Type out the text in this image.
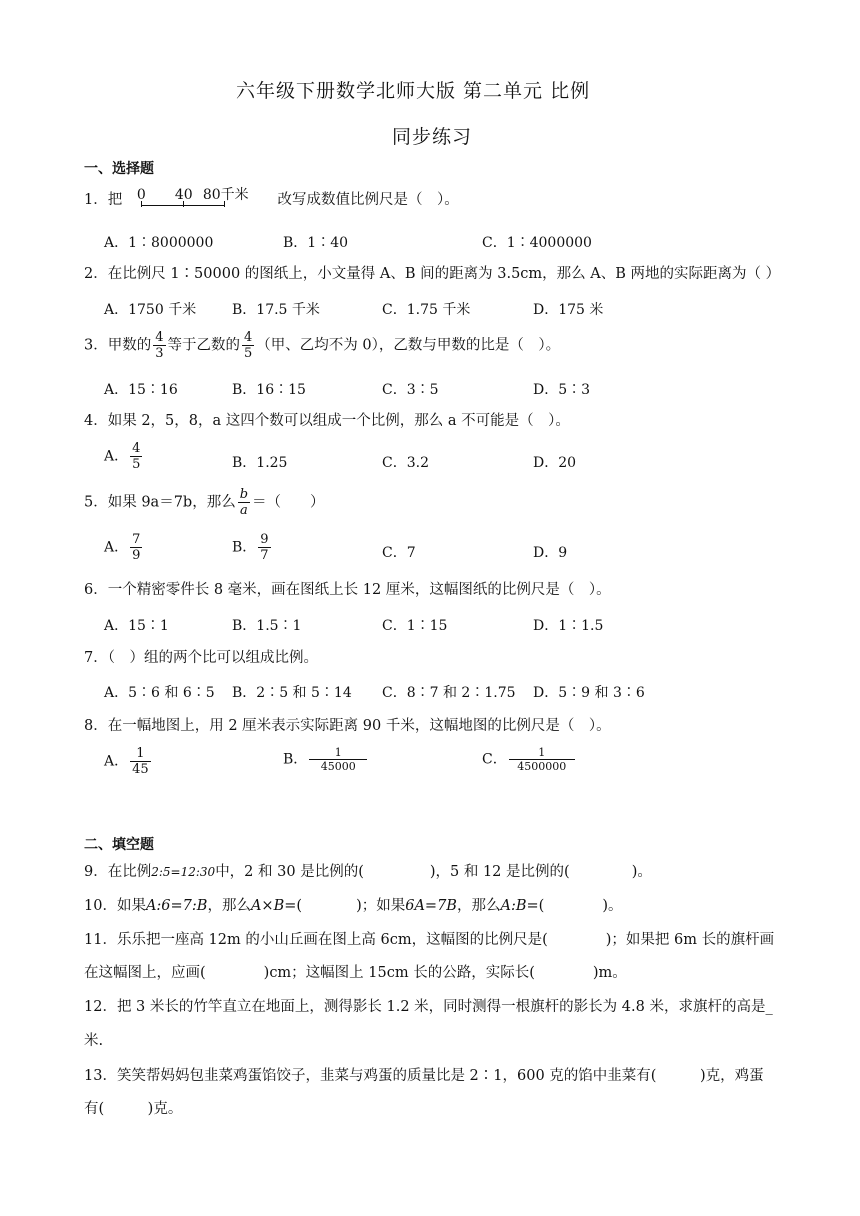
六年级下册数学北师大版 第二单元 比例
同步练习
一、选择题
1．把 0 40 80千米 改写成数值比例尺是（　）。
A．1∶8000000	B．1∶40	C．1∶4000000
2．在比例尺 1∶50000 的图纸上，小文量得 A、B 间的距离为 3.5cm，那么 A、B 两地的实际距离为（ ）
A．1750 千米	B．17.5 千米	C．1.75 千米	D．175 米
3．甲数的 $\frac{4}{3}$ 等于乙数的 $\frac{4}{5}$ （甲、乙均不为 0），乙数与甲数的比是（　）。
A．15∶16	B．16∶15	C．3∶5	D．5∶3
4．如果 2，5，8，a 这四个数可以组成一个比例，那么 a 不可能是（　）。
A． $\frac{4}{5}$	B．1.25	C．3.2	D．20
5．如果 9a＝7b，那么 $\frac{b}{a}$ ＝（　　）
A． $\frac{7}{9}$	B． $\frac{9}{7}$	C．7	D．9
6．一个精密零件长 8 毫米，画在图纸上长 12 厘米，这幅图纸的比例尺是（　）。
A．15∶1	B．1.5∶1	C．1∶15	D．1∶1.5
7．（　）组的两个比可以组成比例。
A．5∶6 和 6∶5 B．2∶5 和 5∶14 C．8∶7 和 2∶1.75 D．5∶9 和 3∶6
8．在一幅地图上，用 2 厘米表示实际距离 90 千米，这幅地图的比例尺是（　）。
A． $\frac{1}{45}$	B． $\frac{1}{45000}$	C． $\frac{1}{4500000}$
二、填空题
9．在比例2:5=12:30中，2 和 30 是比例的(	)，5 和 12 是比例的(	)。
10．如果A:6=7:B，那么A×B=(	)；如果6A=7B，那么A:B=(	)。
11．乐乐把一座高 12m 的小山丘画在图上高 6cm，这幅图的比例尺是(　　　　)；如果把 6m 长的旗杆画
在这幅图上，应画(　　　　)cm；这幅图上 15cm 长的公路，实际长(　　　　)m。
12．把 3 米长的竹竿直立在地面上，测得影长 1.2 米，同时测得一根旗杆的影长为 4.8 米，求旗杆的高是_
米.
13．笑笑帮妈妈包韭菜鸡蛋馅饺子，韭菜与鸡蛋的质量比是 2∶1，600 克的馅中韭菜有(　　　)克，鸡蛋
有(　　　)克。
